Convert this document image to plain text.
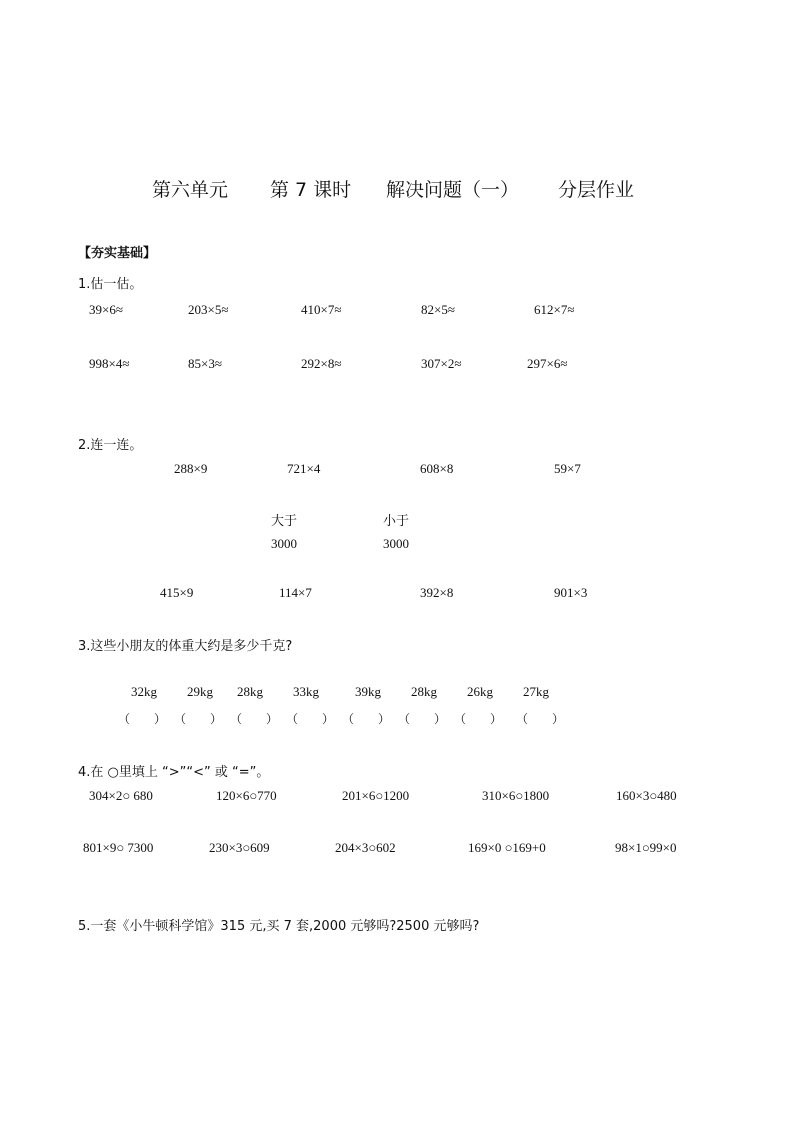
第六单元 第 7 课时 解决问题（一） 分层作业
【夯实基础】
1.估一估。
39×6≈	203×5≈	410×7≈	82×5≈	612×7≈
998×4≈	85×3≈	292×8≈	307×2≈	297×6≈
2.连一连。
288×9	721×4	608×8	59×7
大于
3000
小于
3000
415×9	114×7	392×8	901×3
3.这些小朋友的体重大约是多少千克?
32kg 29kg 28kg 33kg	39kg 28kg 26kg 27kg
（　　） （　　） （　　） （　　） （　　） （　　） （　　） （　　）
4.在 ○里填上 “>”“<” 或 “=”。
304×2○ 680	120×6○770	201×6○1200	310×6○1800	160×3○480
801×9○ 7300	230×3○609	204×3○602	169×0 ○169+0	98×1○99×0
5.一套《小牛顿科学馆》315 元,买 7 套,2000 元够吗?2500 元够吗?
